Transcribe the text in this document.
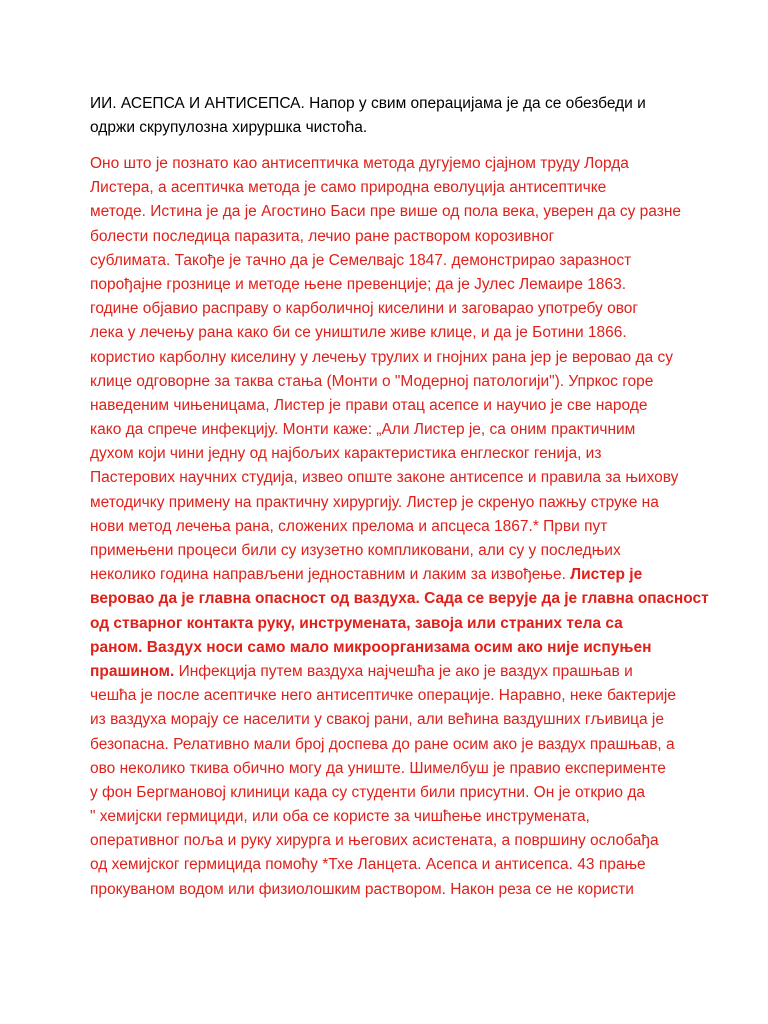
ИИ. АСЕПСА И АНТИСЕПСА. Напор у свим операцијама је да се обезбеди и
одржи скрупулозна хируршка чистоћа.
Оно што је познато као антисептичка метода дугујемо сјајном труду Лорда
Листера, а асептичка метода је само природна еволуција антисептичке
методе. Истина је да је Агостино Баси пре више од пола века, уверен да су разне
болести последица паразита, лечио ране раствором корозивног
сублимата. Такође је тачно да је Семелвајс 1847. демонстрирао заразност
порођајне грознице и методе њене превенције; да је Јулес Лемаире 1863.
године објавио расправу о карболичној киселини и заговарао употребу овог
лека у лечењу рана како би се уништиле живе клице, и да је Ботини 1866.
користио карболну киселину у лечењу трулих и гнојних рана јер је веровао да су
клице одговорне за таква стања (Монти о "Модерној патологији"). Упркос горе
наведеним чињеницама, Листер је прави отац асепсе и научио је све народе
како да спрече инфекцију. Монти каже: „Али Листер је, са оним практичним
духом који чини једну од најбољих карактеристика енглеског генија, из
Пастерових научних студија, извео опште законе антисепсе и правила за њихову
методичку примену на практичну хирургију. Листер је скренуо пажњу струке на
нови метод лечења рана, сложених прелома и апсцеса 1867.* Први пут
примењени процеси били су изузетно компликовани, али су у последњих
неколико година направљени једноставним и лаким за извођење. Листер је
веровао да је главна опасност од ваздуха. Сада се верује да је главна опасност
од стварног контакта руку, инструмената, завоја или страних тела са
раном. Ваздух носи само мало микроорганизама осим ако није испуњен
прашином. Инфекција путем ваздуха најчешћа је ако је ваздух прашњав и
чешћа је после асептичке него антисептичке операције. Наравно, неке бактерије
из ваздуха морају се населити у свакој рани, али већина ваздушних гљивица је
безопасна. Релативно мали број доспева до ране осим ако је ваздух прашњав, а
ово неколико ткива обично могу да униште. Шимелбуш је правио експерименте
у фон Бергмановој клиници када су студенти били присутни. Он је открио да
" хемијски гермициди, или оба се користе за чишћење инструмената,
оперативног поља и руку хирурга и његових асистената, а површину ослобађа
од хемијског гермицида помоћу *Тхе Ланцета. Асепса и антисепса. 43 прање
прокуваном водом или физиолошким раствором. Након реза се не користи
